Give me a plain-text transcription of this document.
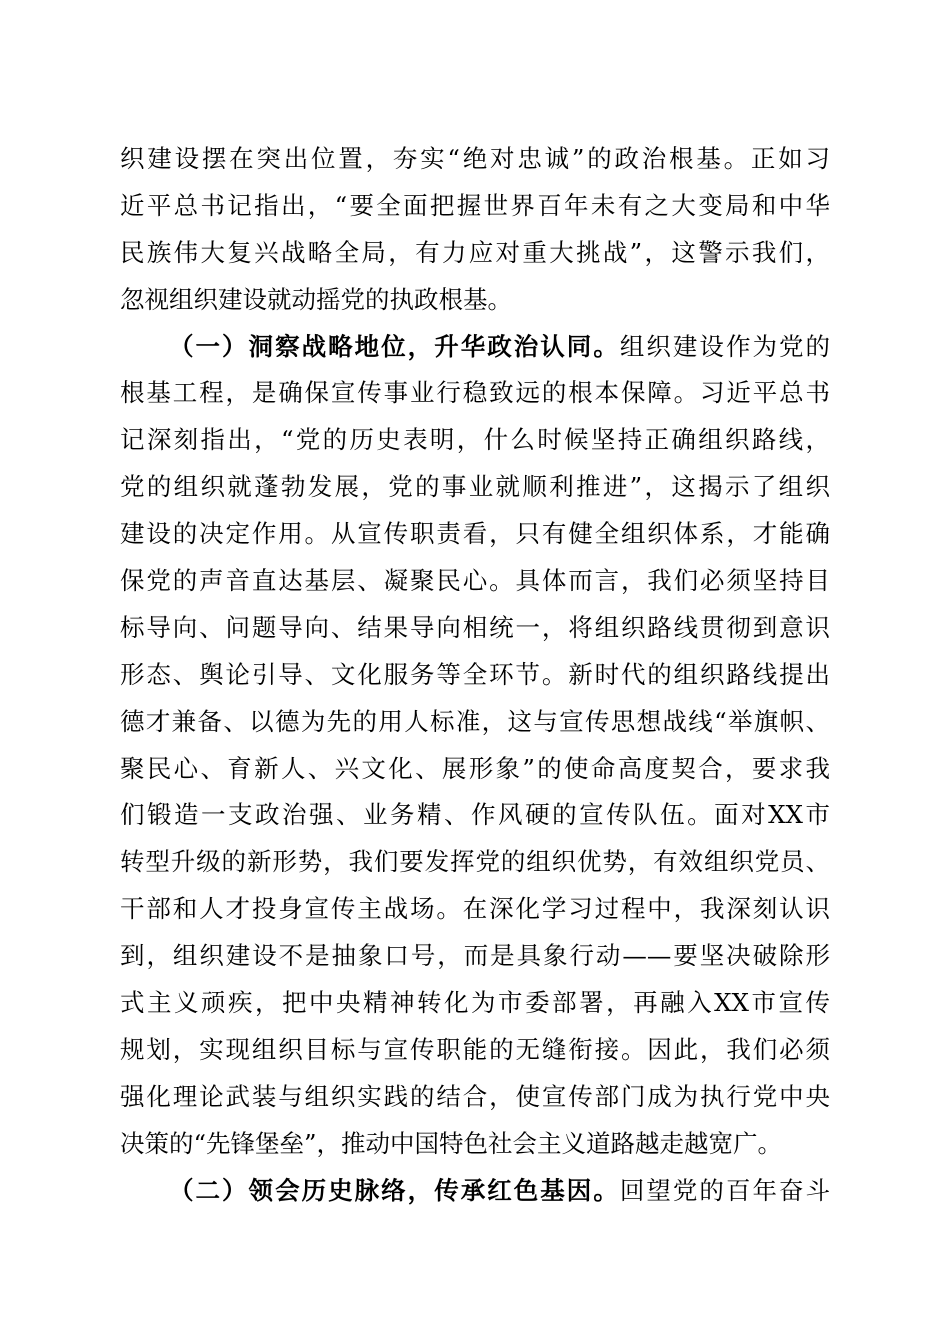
织建设摆在突出位置，夯实“绝对忠诚”的政治根基。正如习
近平总书记指出，“要全面把握世界百年未有之大变局和中华
民族伟大复兴战略全局，有力应对重大挑战”，这警示我们，
忽视组织建设就动摇党的执政根基。
（一）洞察战略地位，升华政治认同。组织建设作为党的
根基工程，是确保宣传事业行稳致远的根本保障。习近平总书
记深刻指出，“党的历史表明，什么时候坚持正确组织路线，
党的组织就蓬勃发展，党的事业就顺利推进”，这揭示了组织
建设的决定作用。从宣传职责看，只有健全组织体系，才能确
保党的声音直达基层、凝聚民心。具体而言，我们必须坚持目
标导向、问题导向、结果导向相统一，将组织路线贯彻到意识
形态、舆论引导、文化服务等全环节。新时代的组织路线提出
德才兼备、以德为先的用人标准，这与宣传思想战线“举旗帜、
聚民心、育新人、兴文化、展形象”的使命高度契合，要求我
们锻造一支政治强、业务精、作风硬的宣传队伍。面对XX市
转型升级的新形势，我们要发挥党的组织优势，有效组织党员、
干部和人才投身宣传主战场。在深化学习过程中，我深刻认识
到，组织建设不是抽象口号，而是具象行动——要坚决破除形
式主义顽疾，把中央精神转化为市委部署，再融入XX市宣传
规划，实现组织目标与宣传职能的无缝衔接。因此，我们必须
强化理论武装与组织实践的结合，使宣传部门成为执行党中央
决策的“先锋堡垒”，推动中国特色社会主义道路越走越宽广。
（二）领会历史脉络，传承红色基因。回望党的百年奋斗
